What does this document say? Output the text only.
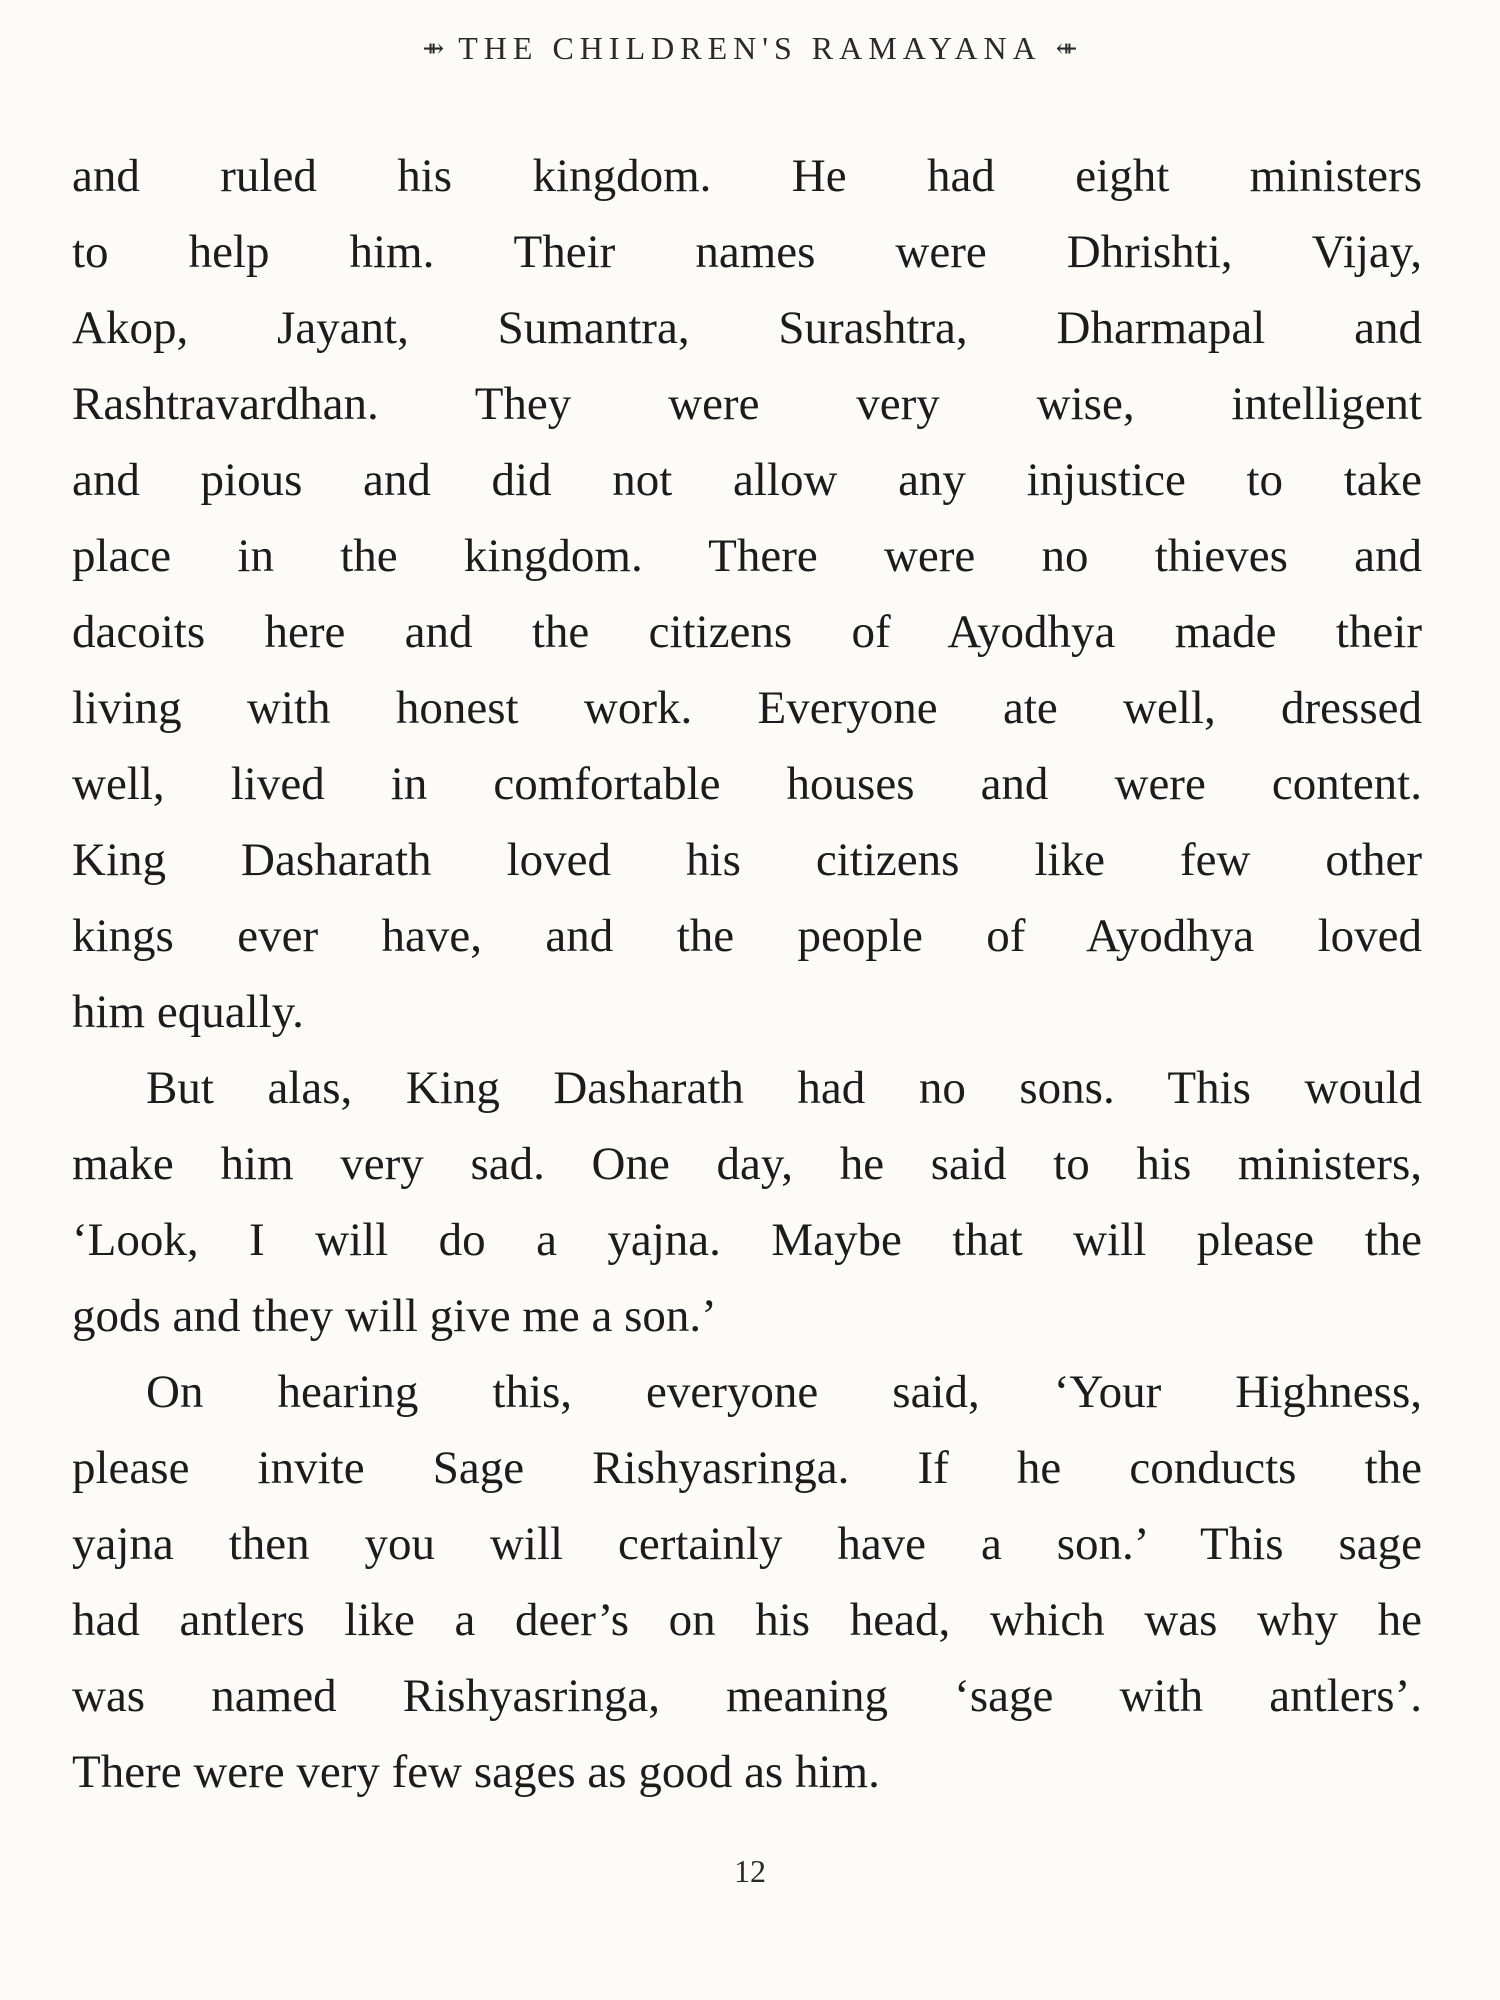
⇻ THE CHILDREN'S RAMAYANA ⇺
and ruled his kingdom. He had eight ministers
to help him. Their names were Dhrishti, Vijay,
Akop, Jayant, Sumantra, Surashtra, Dharmapal and
Rashtravardhan. They were very wise, intelligent
and pious and did not allow any injustice to take
place in the kingdom. There were no thieves and
dacoits here and the citizens of Ayodhya made their
living with honest work. Everyone ate well, dressed
well, lived in comfortable houses and were content.
King Dasharath loved his citizens like few other
kings ever have, and the people of Ayodhya loved
him equally.
But alas, King Dasharath had no sons. This would
make him very sad. One day, he said to his ministers,
‘Look, I will do a yajna. Maybe that will please the
gods and they will give me a son.’
On hearing this, everyone said, ‘Your Highness,
please invite Sage Rishyasringa. If he conducts the
yajna then you will certainly have a son.’ This sage
had antlers like a deer’s on his head, which was why he
was named Rishyasringa, meaning ‘sage with antlers’.
There were very few sages as good as him.
12
